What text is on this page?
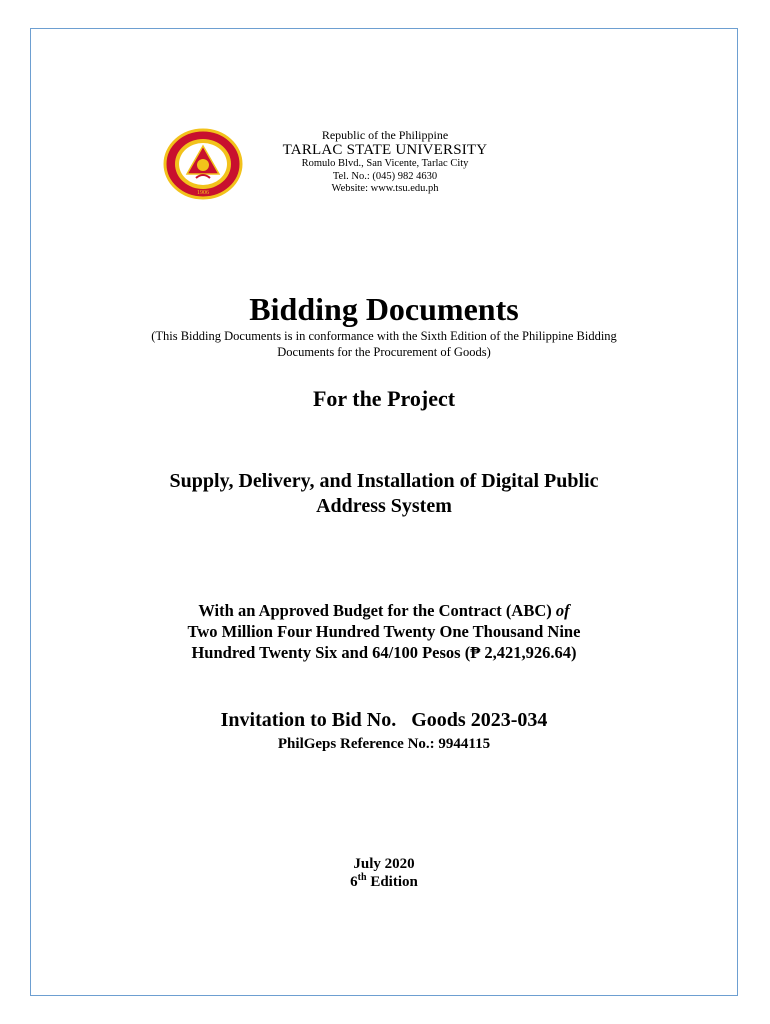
1906
Republic of the Philippine
TARLAC STATE UNIVERSITY
Romulo Blvd., San Vicente, Tarlac City
Tel. No.: (045) 982 4630
Website: www.tsu.edu.ph
Bidding Documents
(This Bidding Documents is in conformance with the Sixth Edition of the Philippine Bidding
Documents for the Procurement of Goods)
For the Project
Supply, Delivery, and Installation of Digital Public
Address System
With an Approved Budget for the Contract (ABC) of
Two Million Four Hundred Twenty One Thousand Nine
Hundred Twenty Six and 64/100 Pesos (₱ 2,421,926.64)
Invitation to Bid No.   Goods 2023-034
PhilGeps Reference No.: 9944115
July 2020
6th Edition
